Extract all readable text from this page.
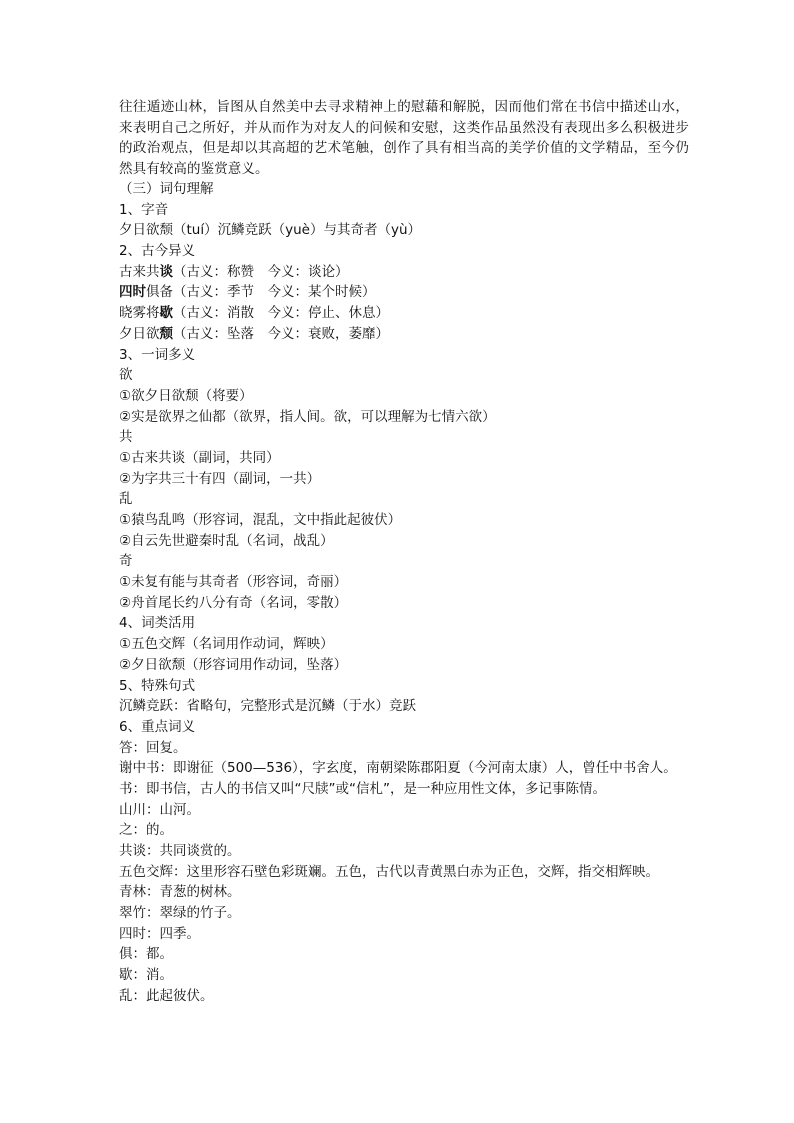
往往遁迹山林，旨图从自然美中去寻求精神上的慰藉和解脱，因而他们常在书信中描述山水，来表明自己之所好，并从而作为对友人的问候和安慰，这类作品虽然没有表现出多么积极进步的政治观点，但是却以其高超的艺术笔触，创作了具有相当高的美学价值的文学精品，至今仍然具有较高的鉴赏意义。

（三）词句理解

1、字音

夕日欲颓（tuí）沉鳞竞跃（yuè）与其奇者（yù）

2、古今异义

古来共谈（古义：称赞　今义：谈论）

四时俱备（古义：季节　今义：某个时候）

晓雾将歇（古义：消散　今义：停止、休息）

夕日欲颓（古义：坠落　今义：衰败，萎靡）

3、一词多义

欲

①欲夕日欲颓（将要）

②实是欲界之仙都（欲界，指人间。欲，可以理解为七情六欲）

共

①古来共谈（副词，共同）

②为字共三十有四（副词，一共）

乱

①猿鸟乱鸣（形容词，混乱，文中指此起彼伏）

②自云先世避秦时乱（名词，战乱）

奇

①未复有能与其奇者（形容词，奇丽）

②舟首尾长约八分有奇（名词，零散）

4、词类活用

①五色交辉（名词用作动词，辉映）

②夕日欲颓（形容词用作动词，坠落）

5、特殊句式

沉鳞竞跃：省略句，完整形式是沉鳞（于水）竞跃

6、重点词义

答：回复。

谢中书：即谢征（500—536），字玄度，南朝梁陈郡阳夏（今河南太康）人，曾任中书舍人。

书：即书信，古人的书信又叫“尺牍”或“信札”，是一种应用性文体，多记事陈情。

山川：山河。

之：的。

共谈：共同谈赏的。

五色交辉：这里形容石壁色彩斑斓。五色，古代以青黄黑白赤为正色，交辉，指交相辉映。

青林：青葱的树林。

翠竹：翠绿的竹子。

四时：四季。

俱：都。

歇：消。

乱：此起彼伏。
